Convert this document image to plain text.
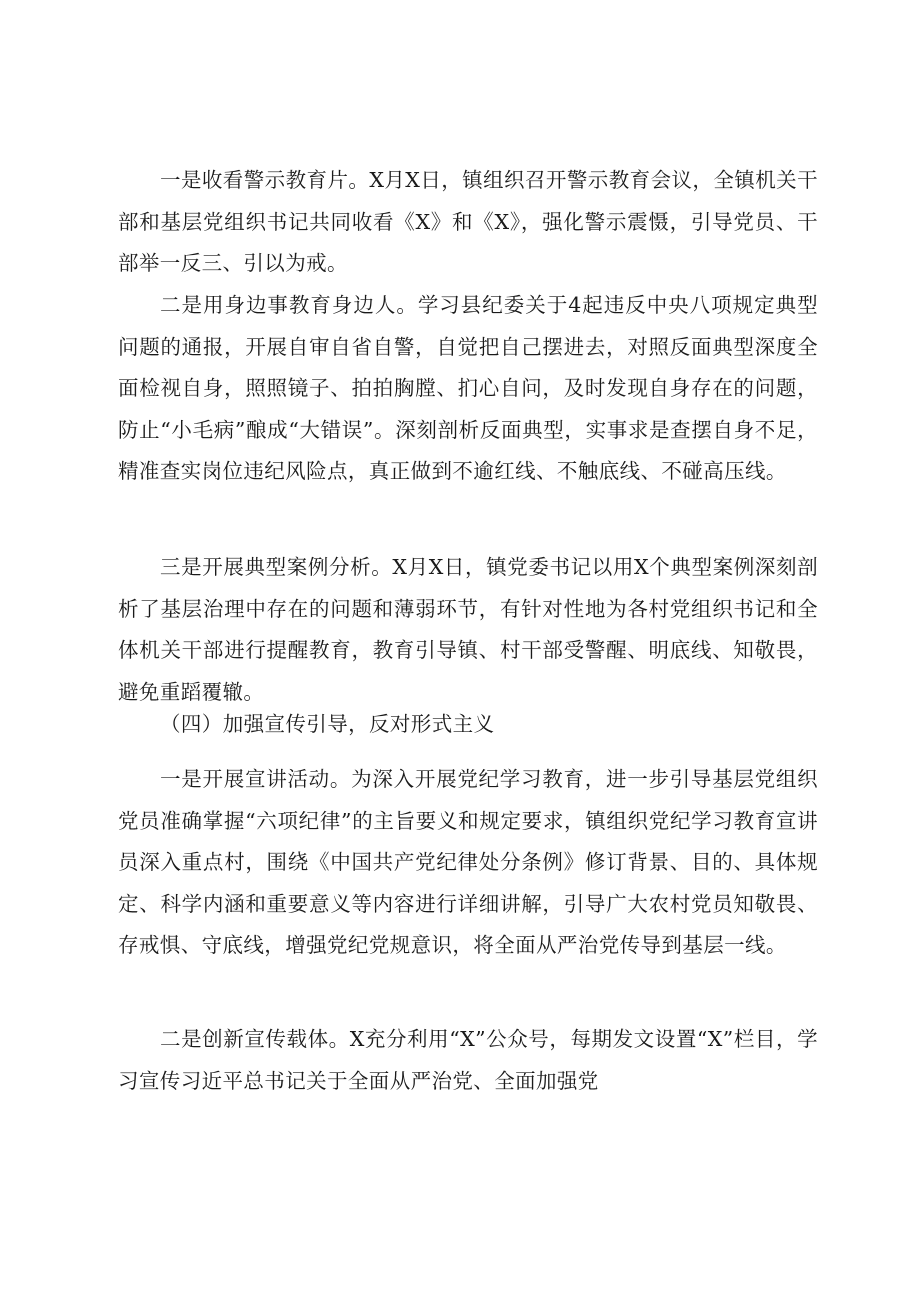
一是收看警示教育片。X月X日，镇组织召开警示教育会议，全镇机关干部和基层党组织书记共同收看《X》和《X》，强化警示震慑，引导党员、干部举一反三、引以为戒。

二是用身边事教育身边人。学习县纪委关于4起违反中央八项规定典型问题的通报，开展自审自省自警，自觉把自己摆进去，对照反面典型深度全面检视自身，照照镜子、拍拍胸膛、扪心自问，及时发现自身存在的问题，防止“小毛病”酿成“大错误”。深刻剖析反面典型，实事求是查摆自身不足，精准查实岗位违纪风险点，真正做到不逾红线、不触底线、不碰高压线。

三是开展典型案例分析。X月X日，镇党委书记以用X个典型案例深刻剖析了基层治理中存在的问题和薄弱环节，有针对性地为各村党组织书记和全体机关干部进行提醒教育，教育引导镇、村干部受警醒、明底线、知敬畏，避免重蹈覆辙。

（四）加强宣传引导，反对形式主义

一是开展宣讲活动。为深入开展党纪学习教育，进一步引导基层党组织党员准确掌握“六项纪律”的主旨要义和规定要求，镇组织党纪学习教育宣讲员深入重点村，围绕《中国共产党纪律处分条例》修订背景、目的、具体规定、科学内涵和重要意义等内容进行详细讲解，引导广大农村党员知敬畏、存戒惧、守底线，增强党纪党规意识，将全面从严治党传导到基层一线。

二是创新宣传载体。X充分利用“X”公众号，每期发文设置“X”栏目，学习宣传习近平总书记关于全面从严治党、全面加强党
